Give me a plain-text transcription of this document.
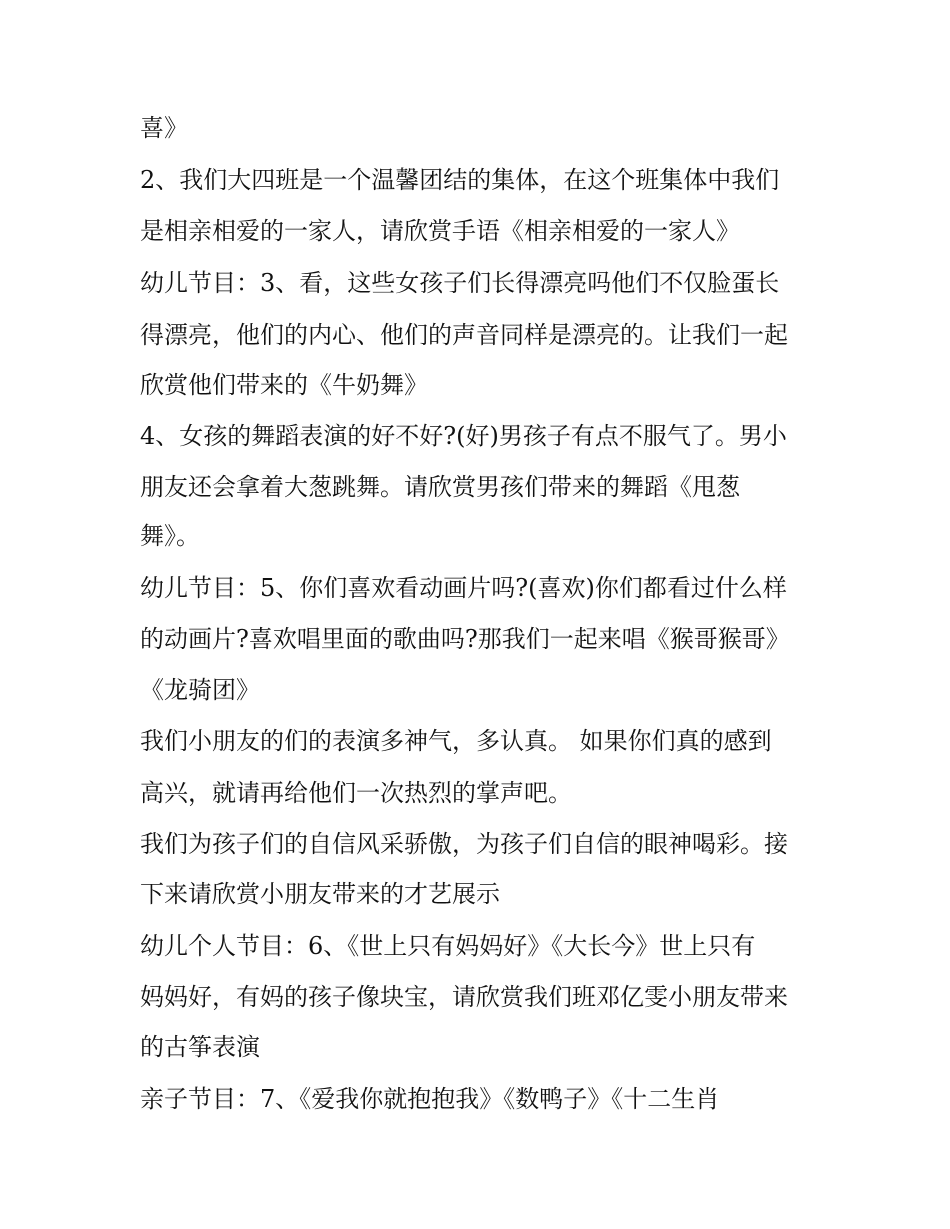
喜》
2、我们大四班是一个温馨团结的集体，在这个班集体中我们
是相亲相爱的一家人，请欣赏手语《相亲相爱的一家人》
幼儿节目：3、看，这些女孩子们长得漂亮吗他们不仅脸蛋长
得漂亮，他们的内心、他们的声音同样是漂亮的。让我们一起
欣赏他们带来的《牛奶舞》
4、女孩的舞蹈表演的好不好?(好)男孩子有点不服气了。男小
朋友还会拿着大葱跳舞。请欣赏男孩们带来的舞蹈《甩葱
舞》。
幼儿节目：5、你们喜欢看动画片吗?(喜欢)你们都看过什么样
的动画片?喜欢唱里面的歌曲吗?那我们一起来唱《猴哥猴哥》
《龙骑团》
我们小朋友的们的表演多神气，多认真。 如果你们真的感到
高兴，就请再给他们一次热烈的掌声吧。
我们为孩子们的自信风采骄傲，为孩子们自信的眼神喝彩。接
下来请欣赏小朋友带来的才艺展示
幼儿个人节目：6、《世上只有妈妈好》《大长今》世上只有
妈妈好，有妈的孩子像块宝，请欣赏我们班邓亿雯小朋友带来
的古筝表演
亲子节目：7、《爱我你就抱抱我》《数鸭子》《十二生肖
